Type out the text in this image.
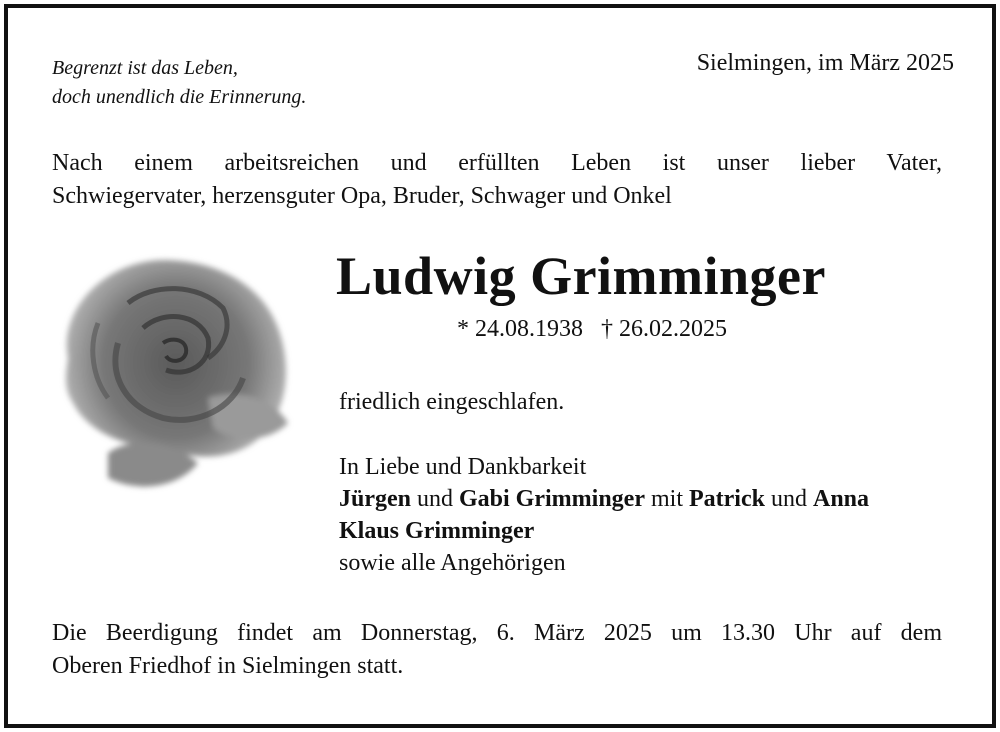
Begrenzt ist das Leben,
doch unendlich die Erinnerung.
Sielmingen, im März 2025
Nach einem arbeitsreichen und erfüllten Leben ist unser lieber Vater,
Schwiegervater, herzensguter Opa, Bruder, Schwager und Onkel
Ludwig Grimminger
* 24.08.1938 † 26.02.2025
friedlich eingeschlafen.
In Liebe und Dankbarkeit
Jürgen und Gabi Grimminger mit Patrick und Anna
Klaus Grimminger
sowie alle Angehörigen
Die Beerdigung findet am Donnerstag, 6. März 2025 um 13.30 Uhr auf dem
Oberen Friedhof in Sielmingen statt.
